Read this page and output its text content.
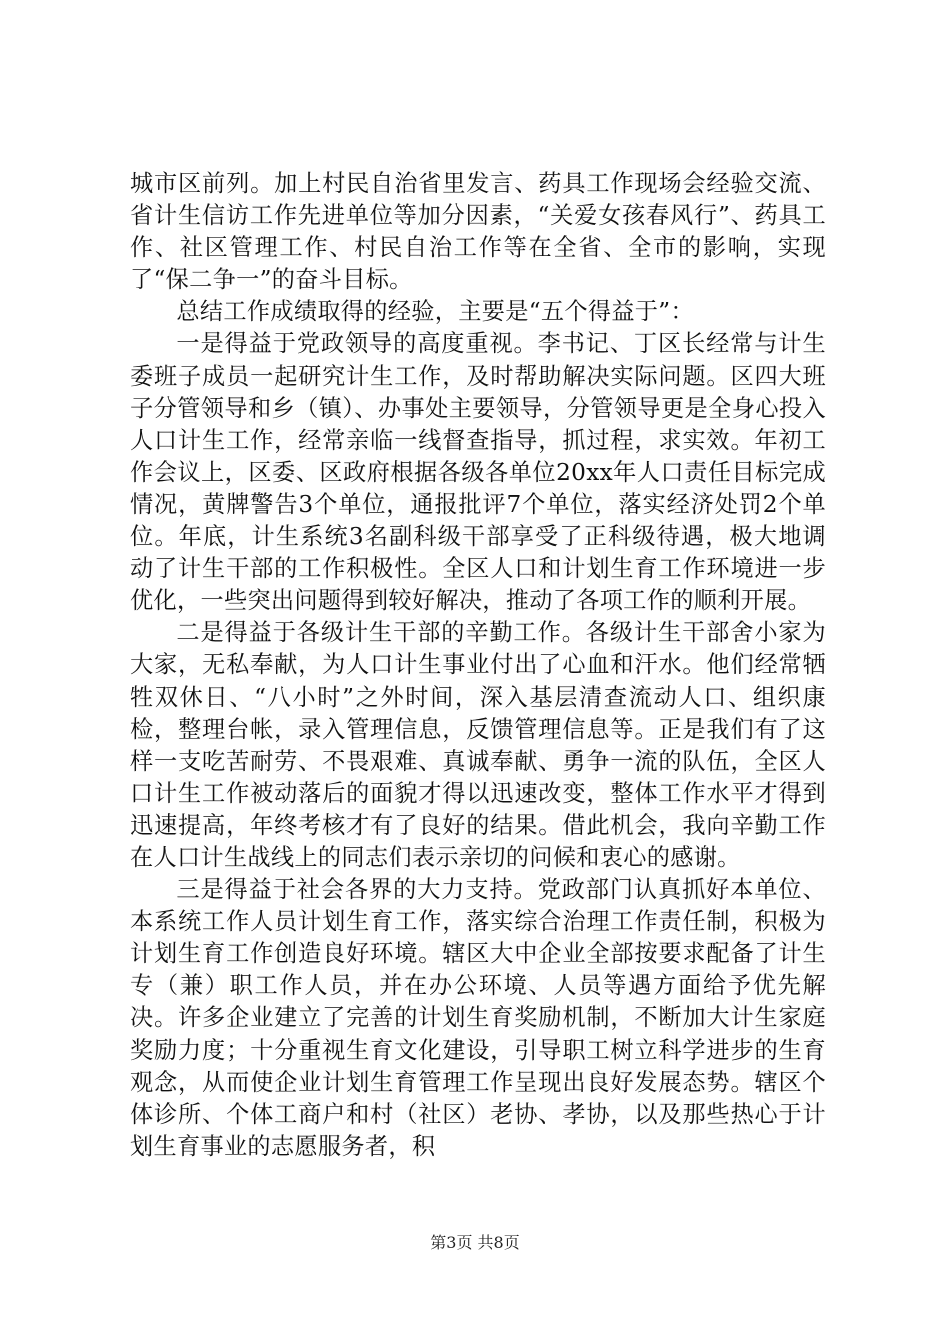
城市区前列。加上村民自治省里发言、药具工作现场会经验交流、省计生信访工作先进单位等加分因素，“关爱女孩春风行”、药具工作、社区管理工作、村民自治工作等在全省、全市的影响，实现了“保二争一”的奋斗目标。

总结工作成绩取得的经验，主要是“五个得益于”：

一是得益于党政领导的高度重视。李书记、丁区长经常与计生委班子成员一起研究计生工作，及时帮助解决实际问题。区四大班子分管领导和乡（镇）、办事处主要领导，分管领导更是全身心投入人口计生工作，经常亲临一线督查指导，抓过程，求实效。年初工作会议上，区委、区政府根据各级各单位20xx年人口责任目标完成情况，黄牌警告3个单位，通报批评7个单位，落实经济处罚2个单位。年底，计生系统3名副科级干部享受了正科级待遇，极大地调动了计生干部的工作积极性。全区人口和计划生育工作环境进一步优化，一些突出问题得到较好解决，推动了各项工作的顺利开展。

二是得益于各级计生干部的辛勤工作。各级计生干部舍小家为大家，无私奉献，为人口计生事业付出了心血和汗水。他们经常牺牲双休日、“八小时”之外时间，深入基层清查流动人口、组织康检，整理台帐，录入管理信息，反馈管理信息等。正是我们有了这样一支吃苦耐劳、不畏艰难、真诚奉献、勇争一流的队伍，全区人口计生工作被动落后的面貌才得以迅速改变，整体工作水平才得到迅速提高，年终考核才有了良好的结果。借此机会，我向辛勤工作在人口计生战线上的同志们表示亲切的问候和衷心的感谢。

三是得益于社会各界的大力支持。党政部门认真抓好本单位、本系统工作人员计划生育工作，落实综合治理工作责任制，积极为计划生育工作创造良好环境。辖区大中企业全部按要求配备了计生专（兼）职工作人员，并在办公环境、人员等遇方面给予优先解决。许多企业建立了完善的计划生育奖励机制，不断加大计生家庭奖励力度；十分重视生育文化建设，引导职工树立科学进步的生育观念，从而使企业计划生育管理工作呈现出良好发展态势。辖区个体诊所、个体工商户和村（社区）老协、孝协，以及那些热心于计划生育事业的志愿服务者，积

第3页 共8页
